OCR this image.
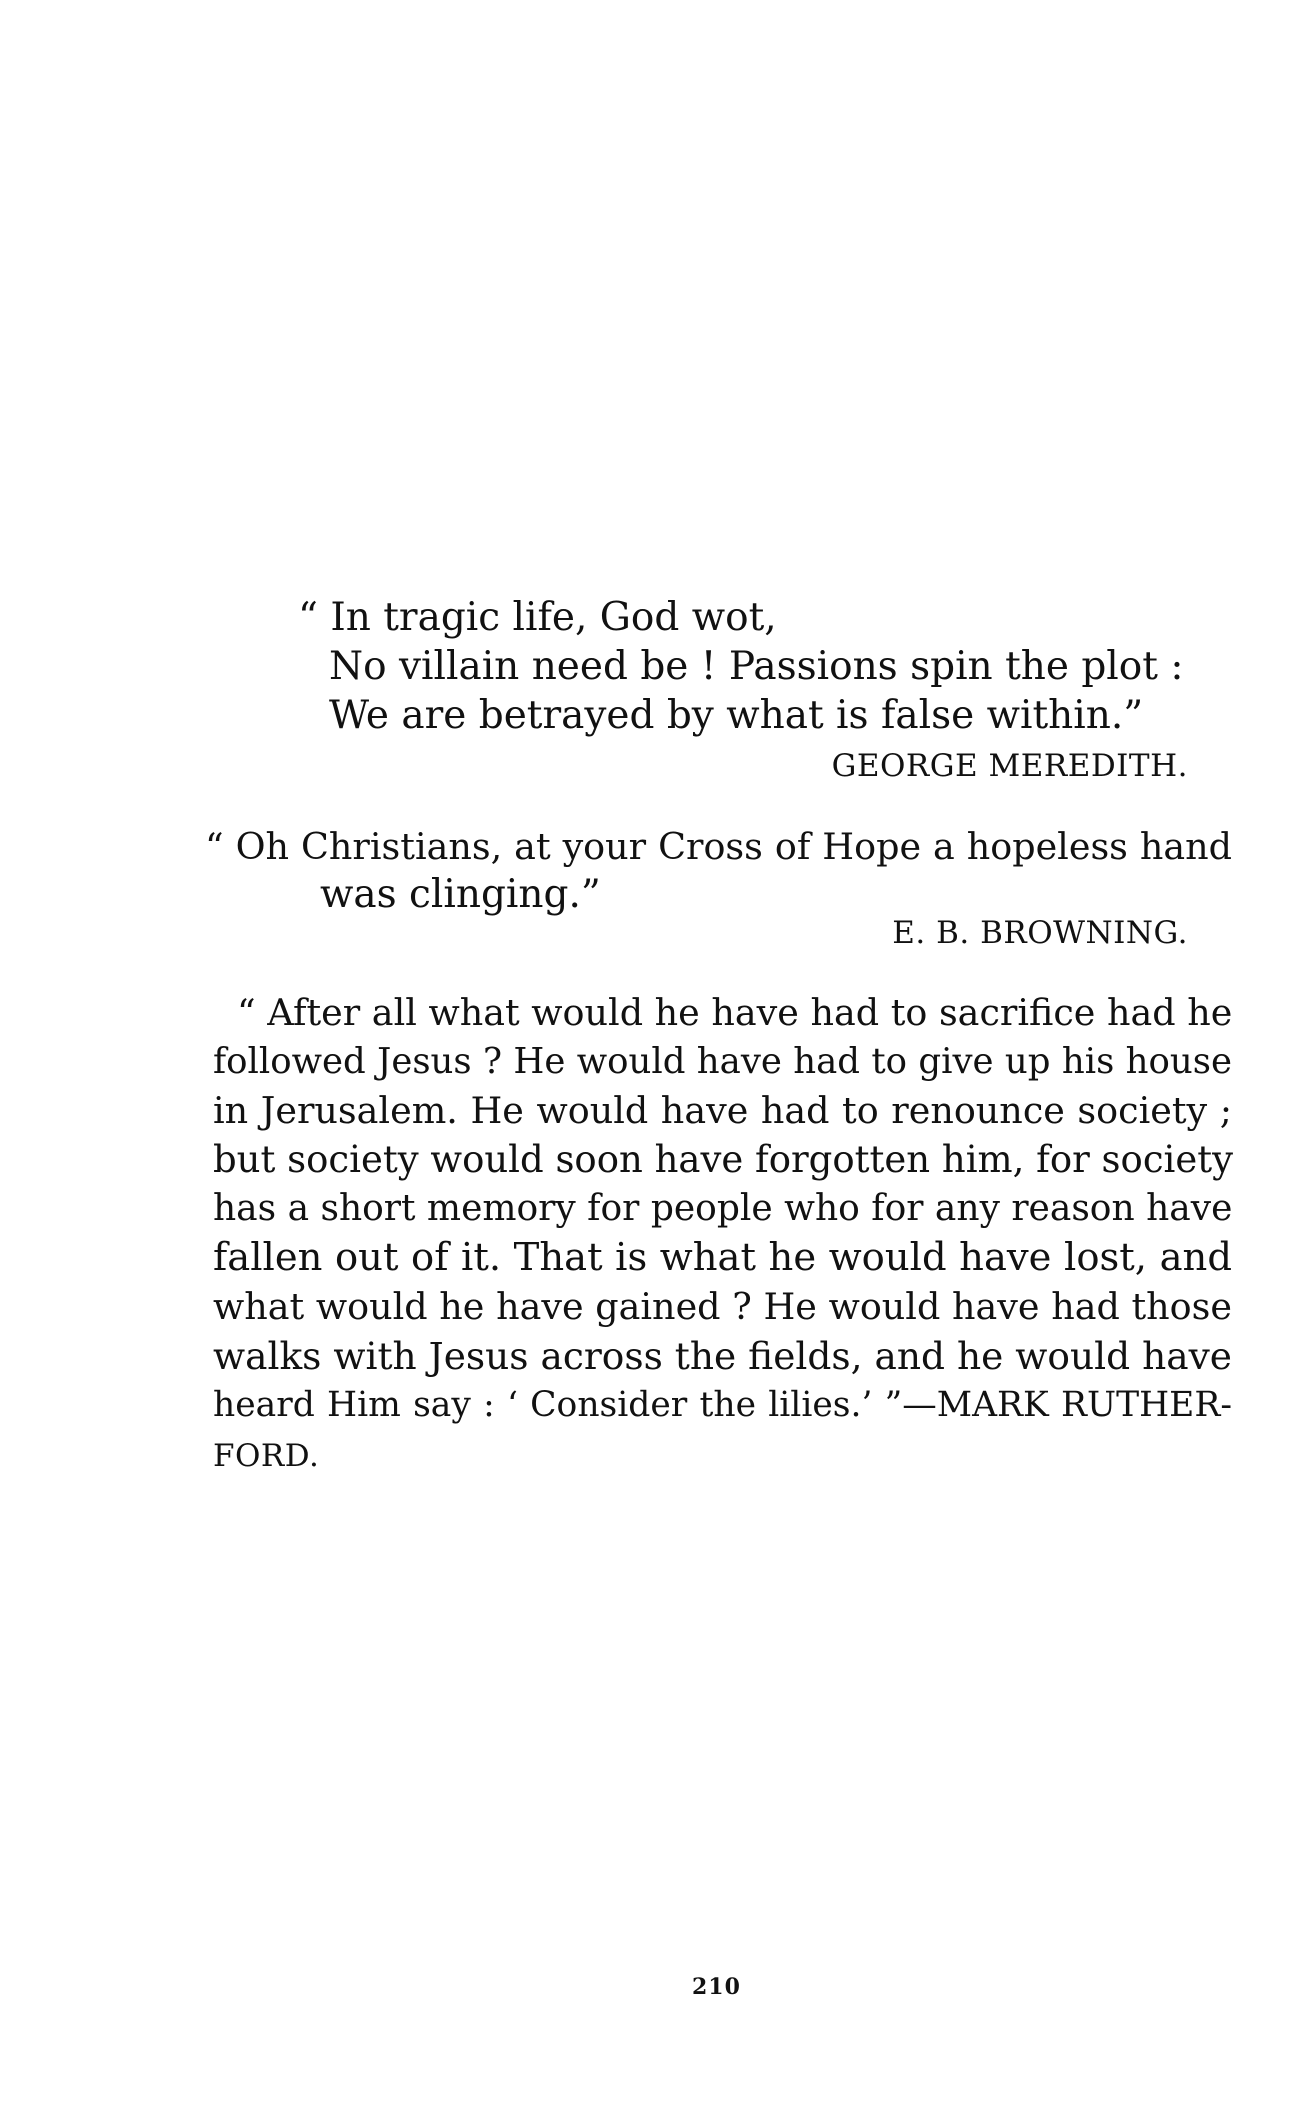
“ In tragic life, God wot,
No villain need be ! Passions spin the plot :
We are betrayed by what is false within.”
GEORGE MEREDITH.
“ Oh Christians, at your Cross of Hope a hopeless hand
was clinging.”
E. B. BROWNING.
“ After all what would he have had to sacrifice had he
followed Jesus ? He would have had to give up his house
in Jerusalem. He would have had to renounce society ;
but society would soon have forgotten him, for society
has a short memory for people who for any reason have
fallen out of it. That is what he would have lost, and
what would he have gained ? He would have had those
walks with Jesus across the fields, and he would have
heard Him say : ‘ Consider the lilies.’ ”—MARK RUTHER-
FORD.
210
